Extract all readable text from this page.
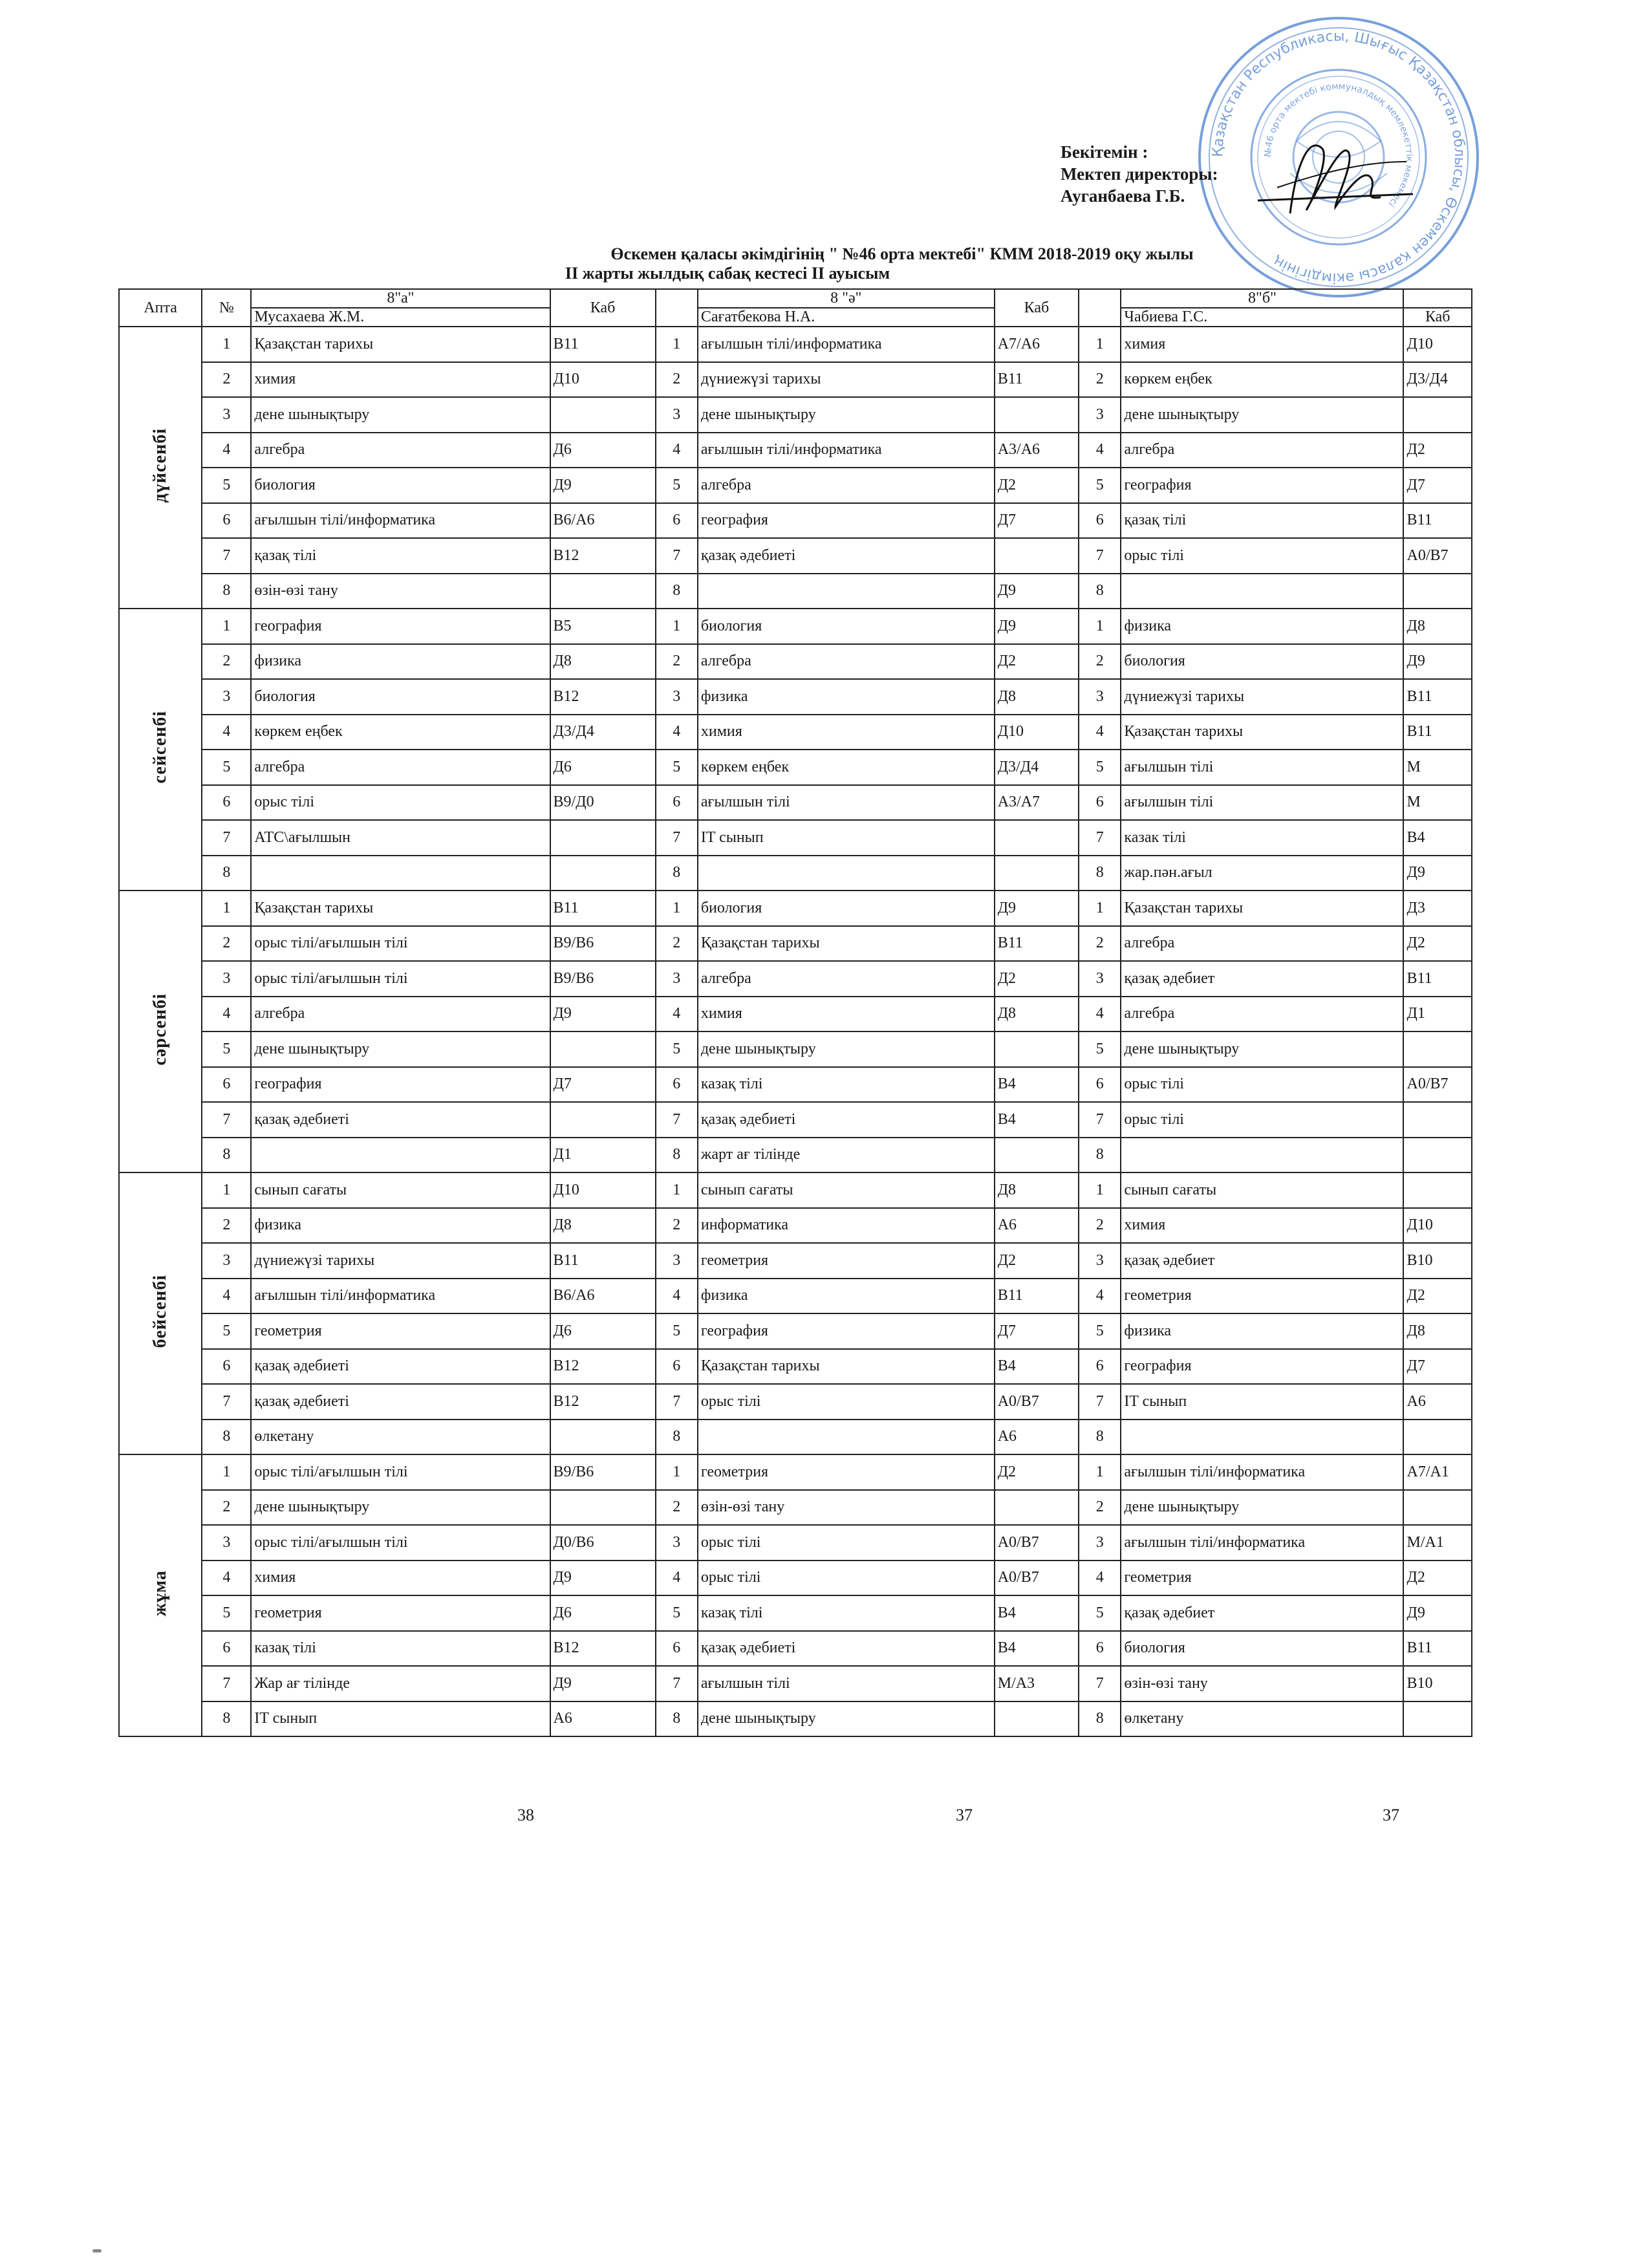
Қазақстан Республикасы, Шығыс Қазақстан облысы, Өскемен қаласы әкімдігінің
№46 орта мектебі коммуналдық мемлекеттік мекемесі
Бекітемін :
Мектеп директоры:
Ауганбаева Г.Б.
Өскемен қаласы әкімдігінің " №46 орта мектебі" КММ 2018-2019 оқу жылы
II жарты жылдық сабақ кестесі II ауысым
Апта	№	8"а"	Каб		8 "ә"	Каб		8"б"	
		Мусахаева Ж.М.			Сағатбекова Н.А.			Чабиева Г.С.	Каб
дүйсенбі	1	Қазақстан тарихы	B11	1	ағылшын тілі/информатика	A7/A6	1	химия	Д10
	2	химия	Д10	2	дүниежүзі тарихы	B11	2	көркем еңбек	Д3/Д4
	3	дене шынықтыру		3	дене шынықтыру		3	дене шынықтыру	
	4	алгебра	Д6	4	ағылшын тілі/информатика	A3/A6	4	алгебра	Д2
	5	биология	Д9	5	алгебра	Д2	5	география	Д7
	6	ағылшын тілі/информатика	B6/A6	6	география	Д7	6	қазақ тілі	B11
	7	қазақ тілі	B12	7	қазақ әдебиеті		7	орыс тілі	A0/B7
	8	өзін-өзі тану		8		Д9	8		
сейсенбі	1	география	B5	1	биология	Д9	1	физика	Д8
	2	физика	Д8	2	алгебра	Д2	2	биология	Д9
	3	биология	B12	3	физика	Д8	3	дүниежүзі тарихы	B11
	4	көркем еңбек	Д3/Д4	4	химия	Д10	4	Қазақстан тарихы	B11
	5	алгебра	Д6	5	көркем еңбек	Д3/Д4	5	ағылшын тілі	M
	6	орыс тілі	B9/Д0	6	ағылшын тілі	A3/A7	6	ағылшын тілі	M
	7	АТС\ағылшын		7	IT сынып		7	казак тілі	B4
	8			8			8	жар.пән.ағыл	Д9
сәрсенбі	1	Қазақстан тарихы	B11	1	биология	Д9	1	Қазақстан тарихы	Д3
	2	орыс тілі/ағылшын тілі	B9/B6	2	Қазақстан тарихы	B11	2	алгебра	Д2
	3	орыс тілі/ағылшын тілі	B9/B6	3	алгебра	Д2	3	қазақ әдебиет	B11
	4	алгебра	Д9	4	химия	Д8	4	алгебра	Д1
	5	дене шынықтыру		5	дене шынықтыру		5	дене шынықтыру	
	6	география	Д7	6	казақ тілі	B4	6	орыс тілі	A0/B7
	7	қазақ әдебиеті		7	қазақ әдебиеті	B4	7	орыс тілі	
	8		Д1	8	жарт ағ тілінде		8		
бейсенбі	1	сынып сағаты	Д10	1	сынып сағаты	Д8	1	сынып сағаты	
	2	физика	Д8	2	информатика	A6	2	химия	Д10
	3	дүниежүзі тарихы	B11	3	геометрия	Д2	3	қазақ әдебиет	B10
	4	ағылшын тілі/информатика	B6/A6	4	физика	B11	4	геометрия	Д2
	5	геометрия	Д6	5	география	Д7	5	физика	Д8
	6	қазақ әдебиеті	B12	6	Қазақстан тарихы	B4	6	география	Д7
	7	қазақ әдебиеті	B12	7	орыс тілі	A0/B7	7	IT сынып	A6
	8	өлкетану		8		A6	8		
жұма	1	орыс тілі/ағылшын тілі	B9/B6	1	геометрия	Д2	1	ағылшын тілі/информатика	A7/A1
	2	дене шынықтыру		2	өзін-өзі тану		2	дене шынықтыру	
	3	орыс тілі/ағылшын тілі	Д0/B6	3	орыс тілі	A0/B7	3	ағылшын тілі/информатика	M/A1
	4	химия	Д9	4	орыс тілі	A0/B7	4	геометрия	Д2
	5	геометрия	Д6	5	казақ тілі	B4	5	қазақ әдебиет	Д9
	6	казақ тілі	B12	6	қазақ әдебиеті	B4	6	биология	B11
	7	Жар ағ тілінде	Д9	7	ағылшын тілі	M/A3	7	өзін-өзі тану	B10
	8	IT сынып	A6	8	дене шынықтыру		8	өлкетану	
38	37	37
